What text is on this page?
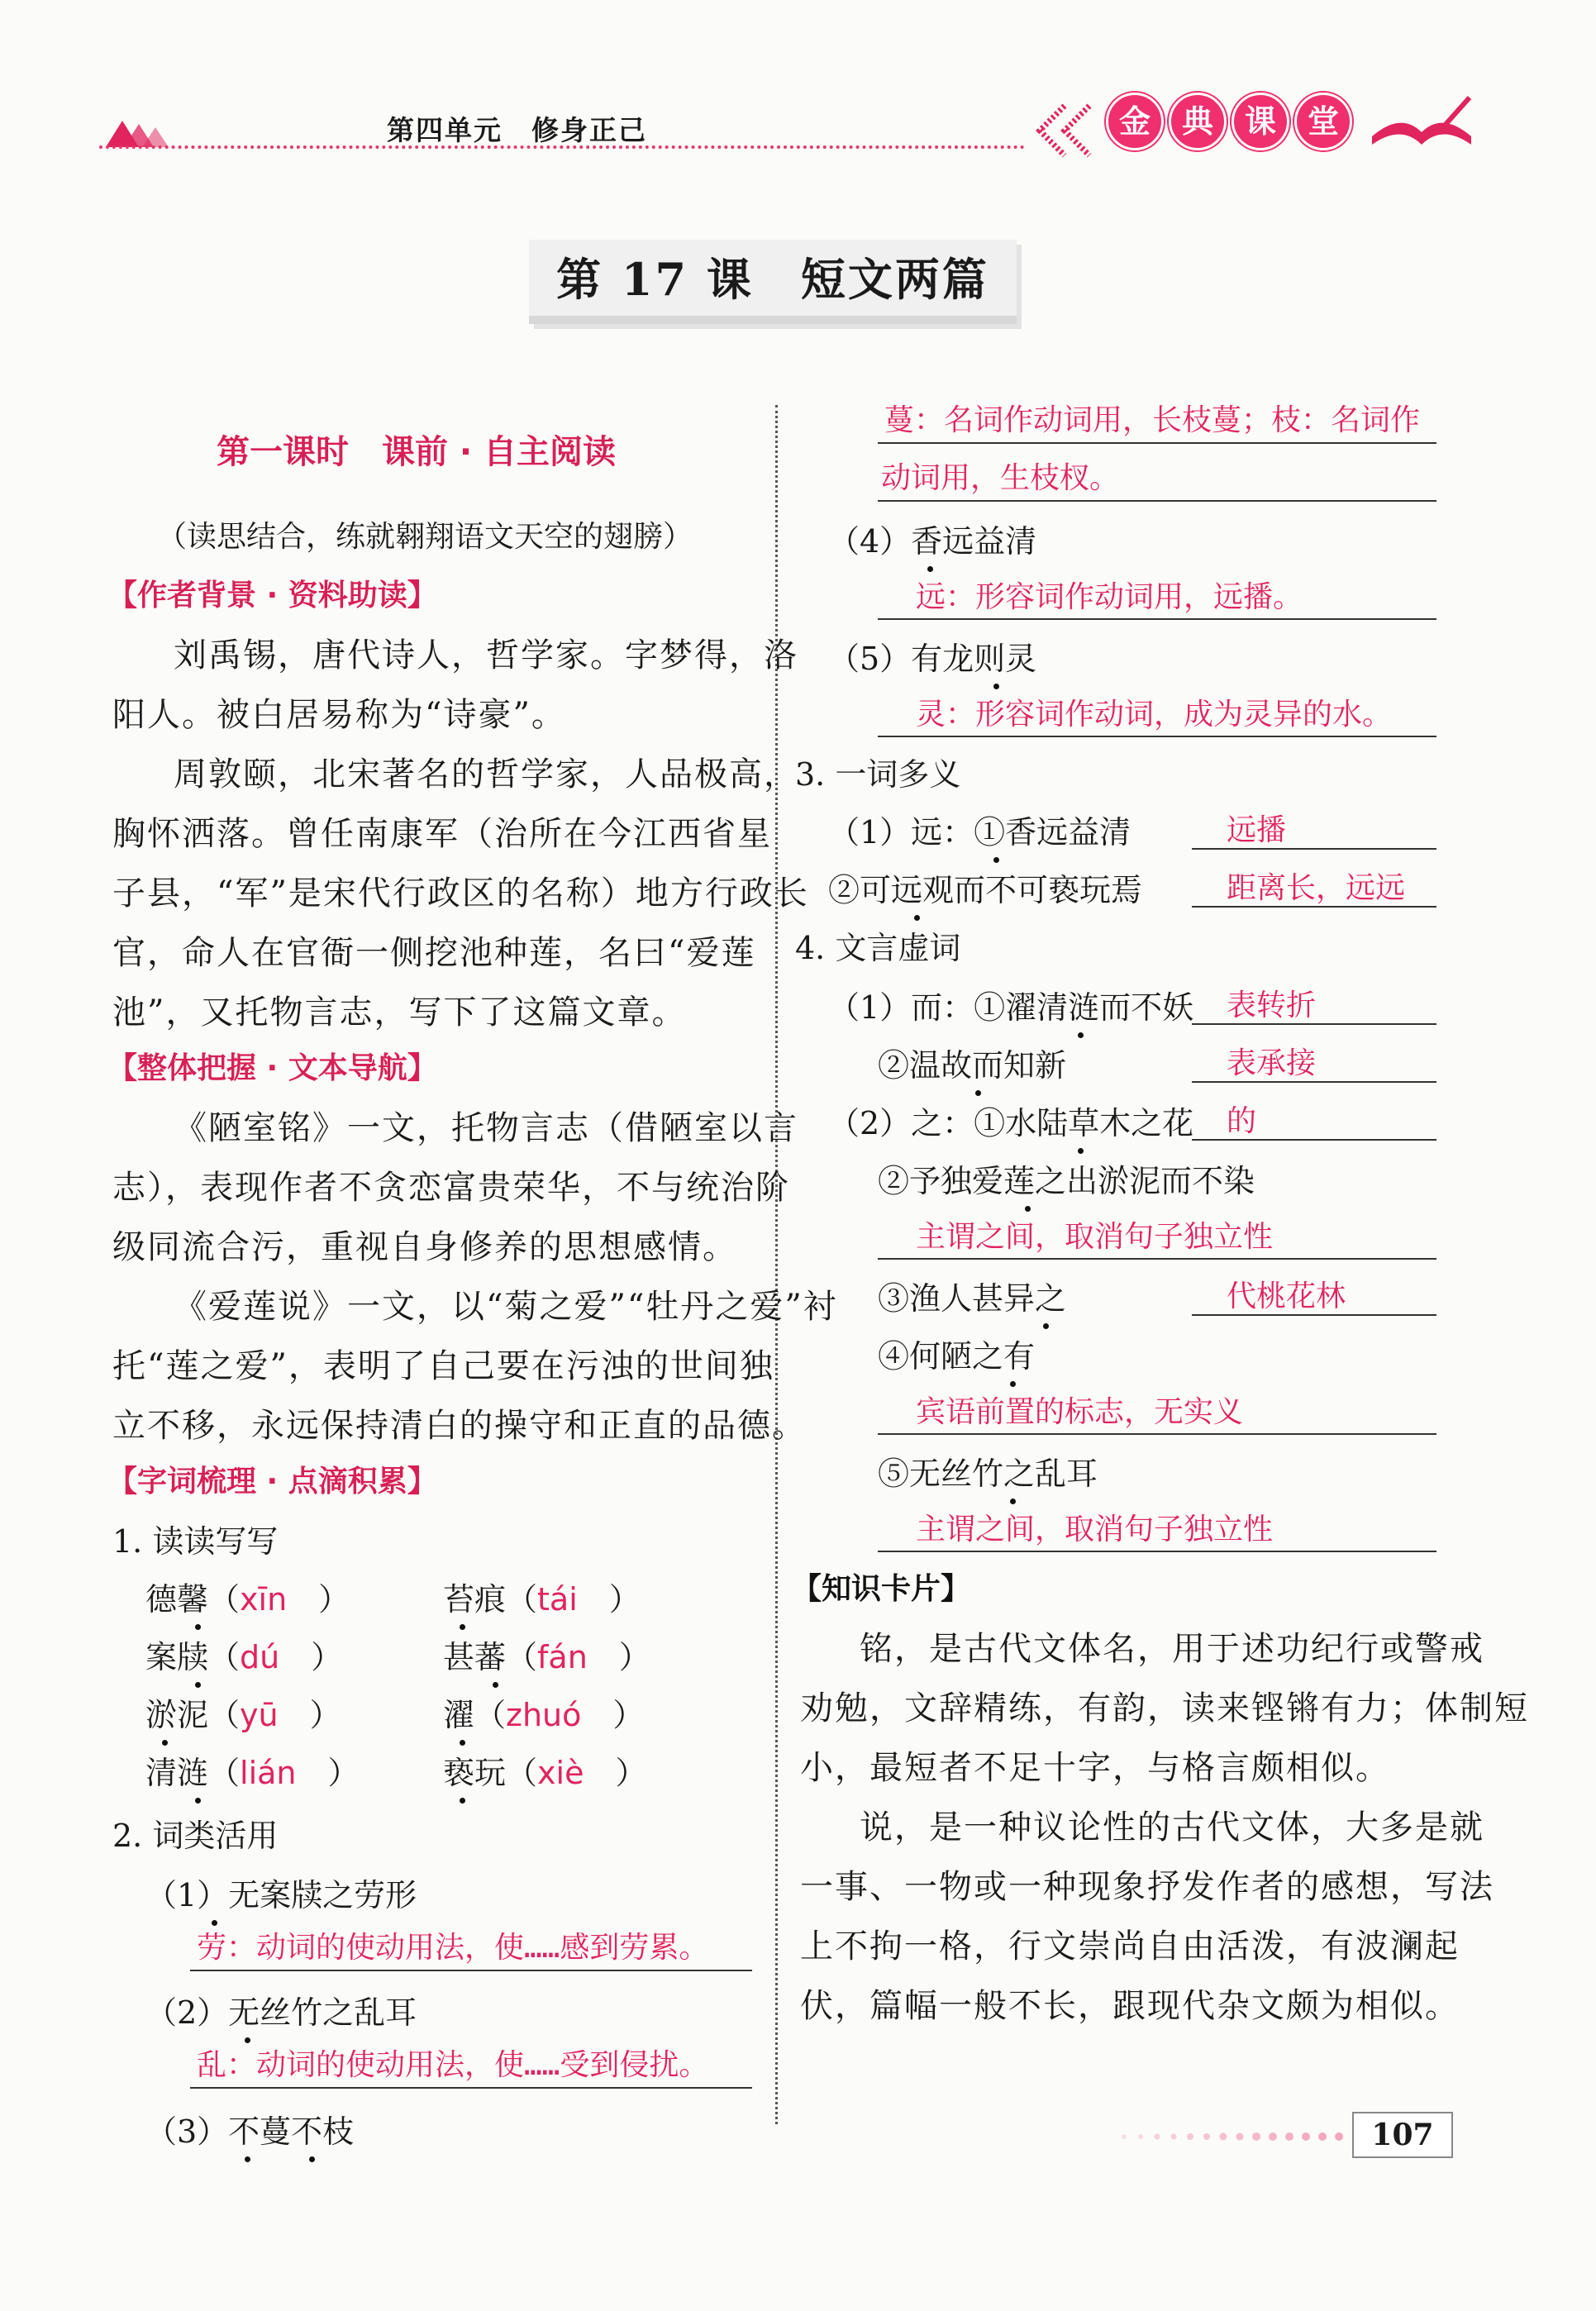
第四单元　修身正己	金 典 课 堂
第 17 课　短文两篇
第一课时　课前 · 自主阅读
（读思结合，练就翱翔语文天空的翅膀）
【作者背景 · 资料助读】
刘禹锡，唐代诗人，哲学家。字梦得，洛
阳人。被白居易称为“诗豪”。
周敦颐，北宋著名的哲学家，人品极高，
胸怀洒落。曾任南康军（治所在今江西省星
子县，“军”是宋代行政区的名称）地方行政长
官，命人在官衙一侧挖池种莲，名曰“爱莲
池”，又托物言志，写下了这篇文章。
【整体把握 · 文本导航】
《陋室铭》一文，托物言志（借陋室以言
志），表现作者不贪恋富贵荣华，不与统治阶
级同流合污，重视自身修养的思想感情。
《爱莲说》一文，以“菊之爱”“牡丹之爱”衬
托“莲之爱”，表明了自己要在污浊的世间独
立不移，永远保持清白的操守和正直的品德。
【字词梳理 · 点滴积累】
1. 读读写写
德馨（xīn　）	苔痕（tái　）
案牍（dú　）	甚蕃（fán　）
淤泥（yū　）	濯（zhuó　）
清涟（lián　）	亵玩（xiè　）
2. 词类活用
（1）无案牍之劳形
劳：动词的使动用法，使……感到劳累。
（2）无丝竹之乱耳
乱：动词的使动用法，使……受到侵扰。
（3）不蔓不枝
蔓：名词作动词用，长枝蔓；枝：名词作
动词用，生枝杈。
（4）香远益清
远：形容词作动词用，远播。
（5）有龙则灵
灵：形容词作动词，成为灵异的水。
3. 一词多义
（1）远：①香远益清	远播
②可远观而不可亵玩焉	距离长，远远
4. 文言虚词
（1）而：①濯清涟而不妖 表转折
②温故而知新	表承接
（2）之：①水陆草木之花 的
②予独爱莲之出淤泥而不染
主谓之间，取消句子独立性
③渔人甚异之	代桃花林
④何陋之有
宾语前置的标志，无实义
⑤无丝竹之乱耳
主谓之间，取消句子独立性
【知识卡片】
铭，是古代文体名，用于述功纪行或警戒
劝勉，文辞精练，有韵，读来铿锵有力；体制短
小，最短者不足十字，与格言颇相似。
说，是一种议论性的古代文体，大多是就
一事、一物或一种现象抒发作者的感想，写法
上不拘一格，行文崇尚自由活泼，有波澜起
伏，篇幅一般不长，跟现代杂文颇为相似。
107
